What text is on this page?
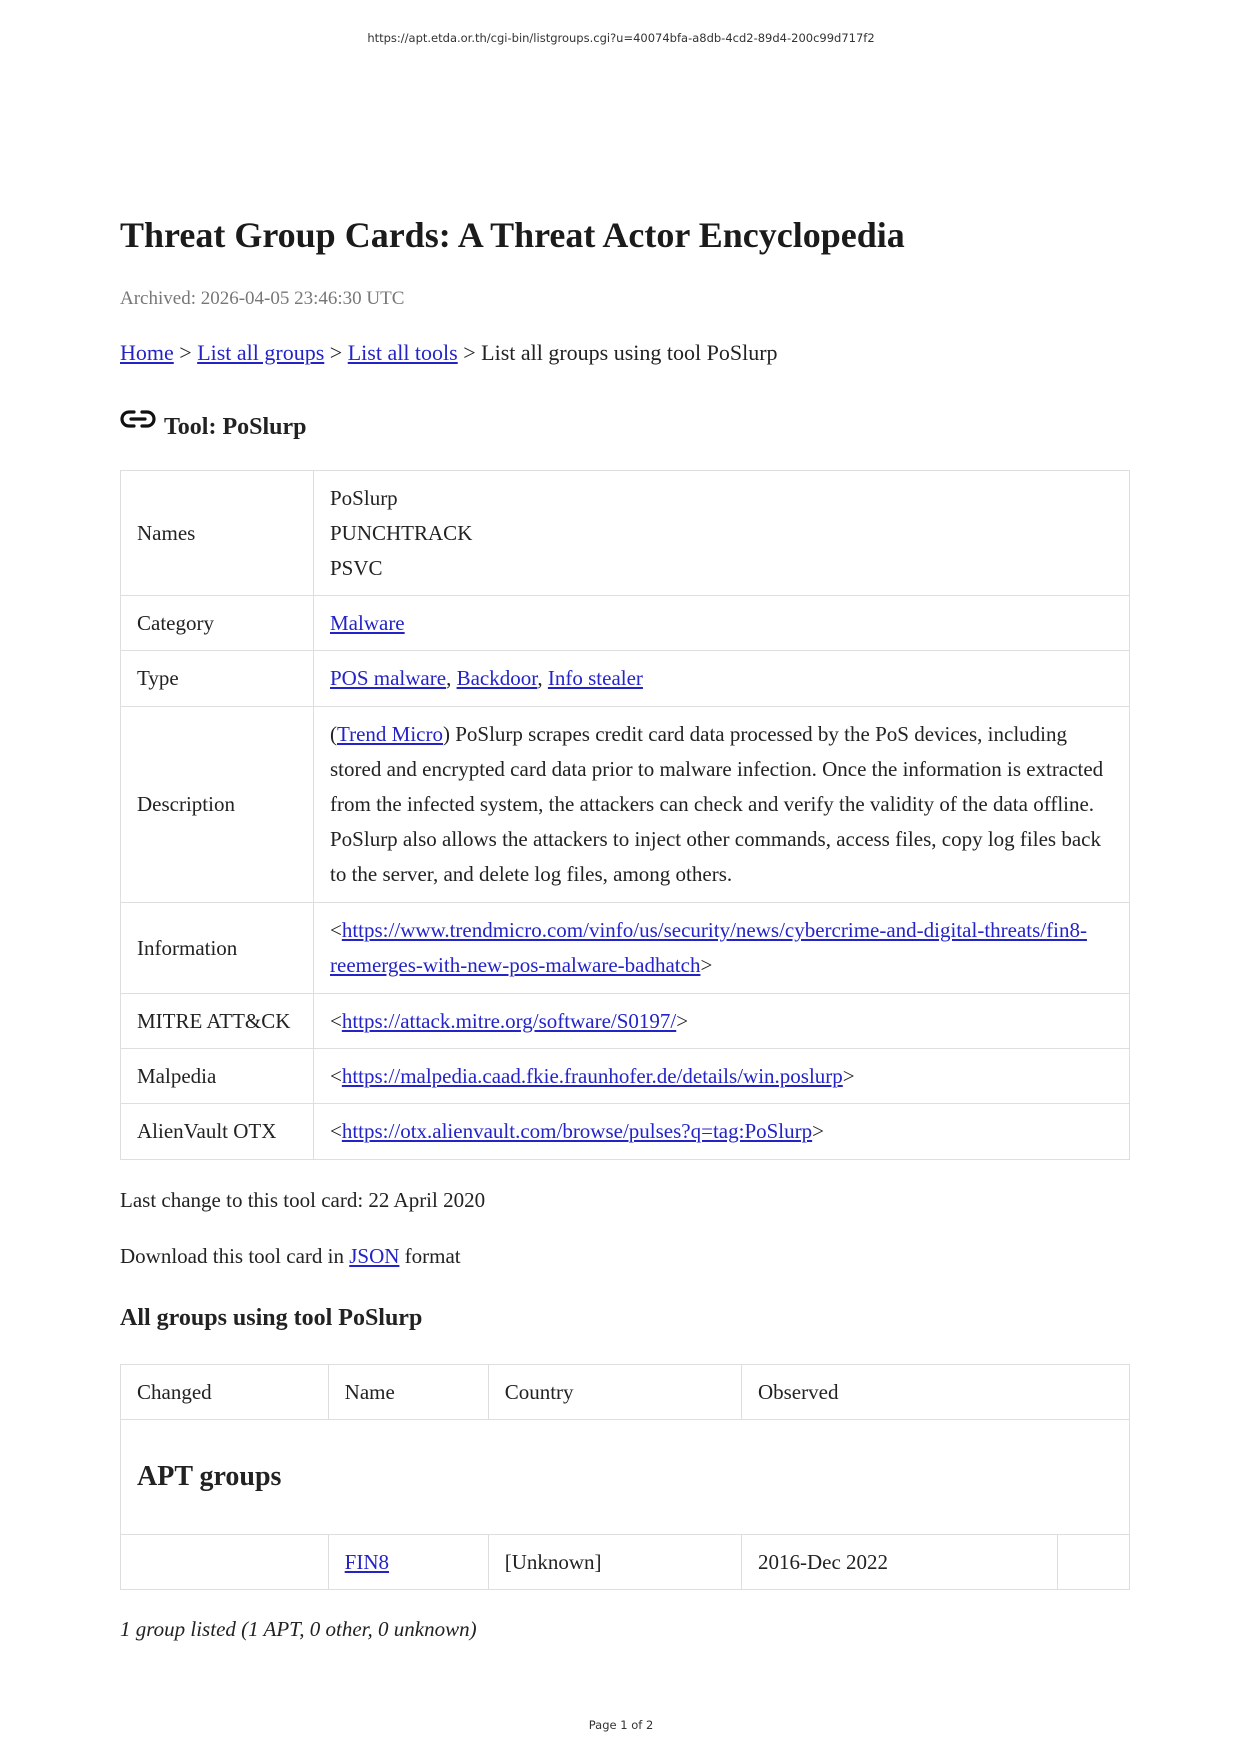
https://apt.etda.or.th/cgi-bin/listgroups.cgi?u=40074bfa-a8db-4cd2-89d4-200c99d717f2
Threat Group Cards: A Threat Actor Encyclopedia
Archived: 2026-04-05 23:46:30 UTC
Home > List all groups > List all tools > List all groups using tool PoSlurp
Tool: PoSlurp
Names	PoSlurp
PUNCHTRACK
PSVC

Category	Malware
Type	POS malware, Backdoor, Info stealer
Description	(Trend Micro) PoSlurp scrapes credit card data processed by the PoS devices, including stored and encrypted card data prior to malware infection. Once the information is extracted from the infected system, the attackers can check and verify the validity of the data offline. PoSlurp also allows the attackers to inject other commands, access files, copy log files back to the server, and delete log files, among others.
Information	<https://www.trendmicro.com/vinfo/us/security/news/cybercrime-and-digital-threats/fin8-reemerges-with-new-pos-malware-badhatch>
MITRE ATT&CK	<https://attack.mitre.org/software/S0197/>
Malpedia	<https://malpedia.caad.fkie.fraunhofer.de/details/win.poslurp>
AlienVault OTX	<https://otx.alienvault.com/browse/pulses?q=tag:PoSlurp>
Last change to this tool card: 22 April 2020
Download this tool card in JSON format
All groups using tool PoSlurp
Changed	Name	Country	Observed	
APT groups				
	FIN8	[Unknown]	2016-Dec 2022	
1 group listed (1 APT, 0 other, 0 unknown)
Page 1 of 2
